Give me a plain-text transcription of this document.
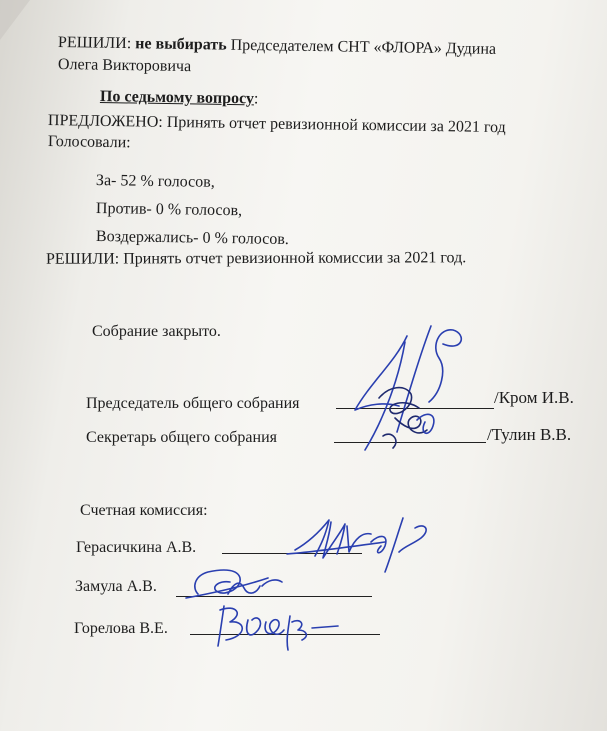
РЕШИЛИ: не выбирать Председателем СНТ «ФЛОРА» Дудина
Олега Викторовича
По седьмому вопросу:
ПРЕДЛОЖЕНО: Принять отчет ревизионной комиссии за 2021 год
Голосовали:
За- 52 % голосов,
Против- 0 % голосов,
Воздержались- 0 % голосов.
РЕШИЛИ: Принять отчет ревизионной комиссии за 2021 год.
Собрание закрыто.
Председатель общего собрания	/Кром И.В.
Секретарь общего собрания	/Тулин В.В.
Счетная комиссия:
Герасичкина А.В.
Замула А.В.
Горелова В.Е.
